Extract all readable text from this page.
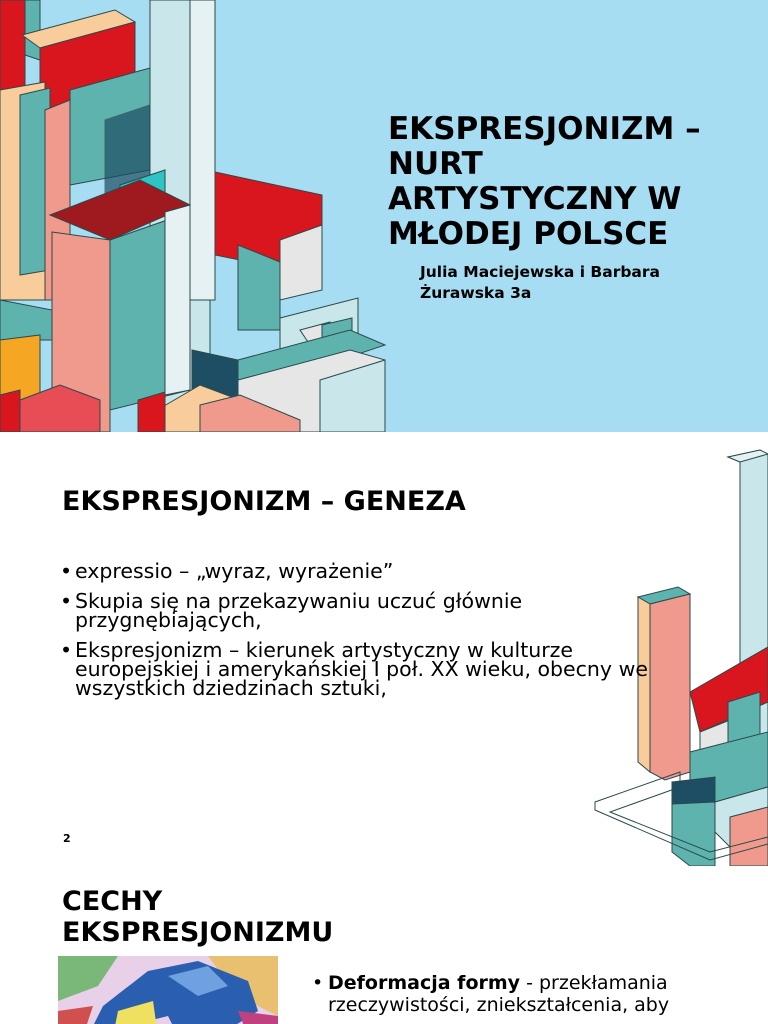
EKSPRESJONIZM – NURT ARTYSTYCZNY W MŁODEJ POLSCE
Julia Maciejewska i Barbara Żurawska 3a
EKSPRESJONIZM – GENEZA
• expressio – „wyraz, wyrażenie”
• Skupia się na przekazywaniu uczuć głównie przygnębiających,
• Ekspresjonizm – kierunek artystyczny w kulturze europejskiej i amerykańskiej I poł. XX wieku, obecny we wszystkich dziedzinach sztuki,
2
CECHY EKSPRESJONIZMU
• Deformacja formy - przekłamania rzeczywistości, zniekształcenia, aby
